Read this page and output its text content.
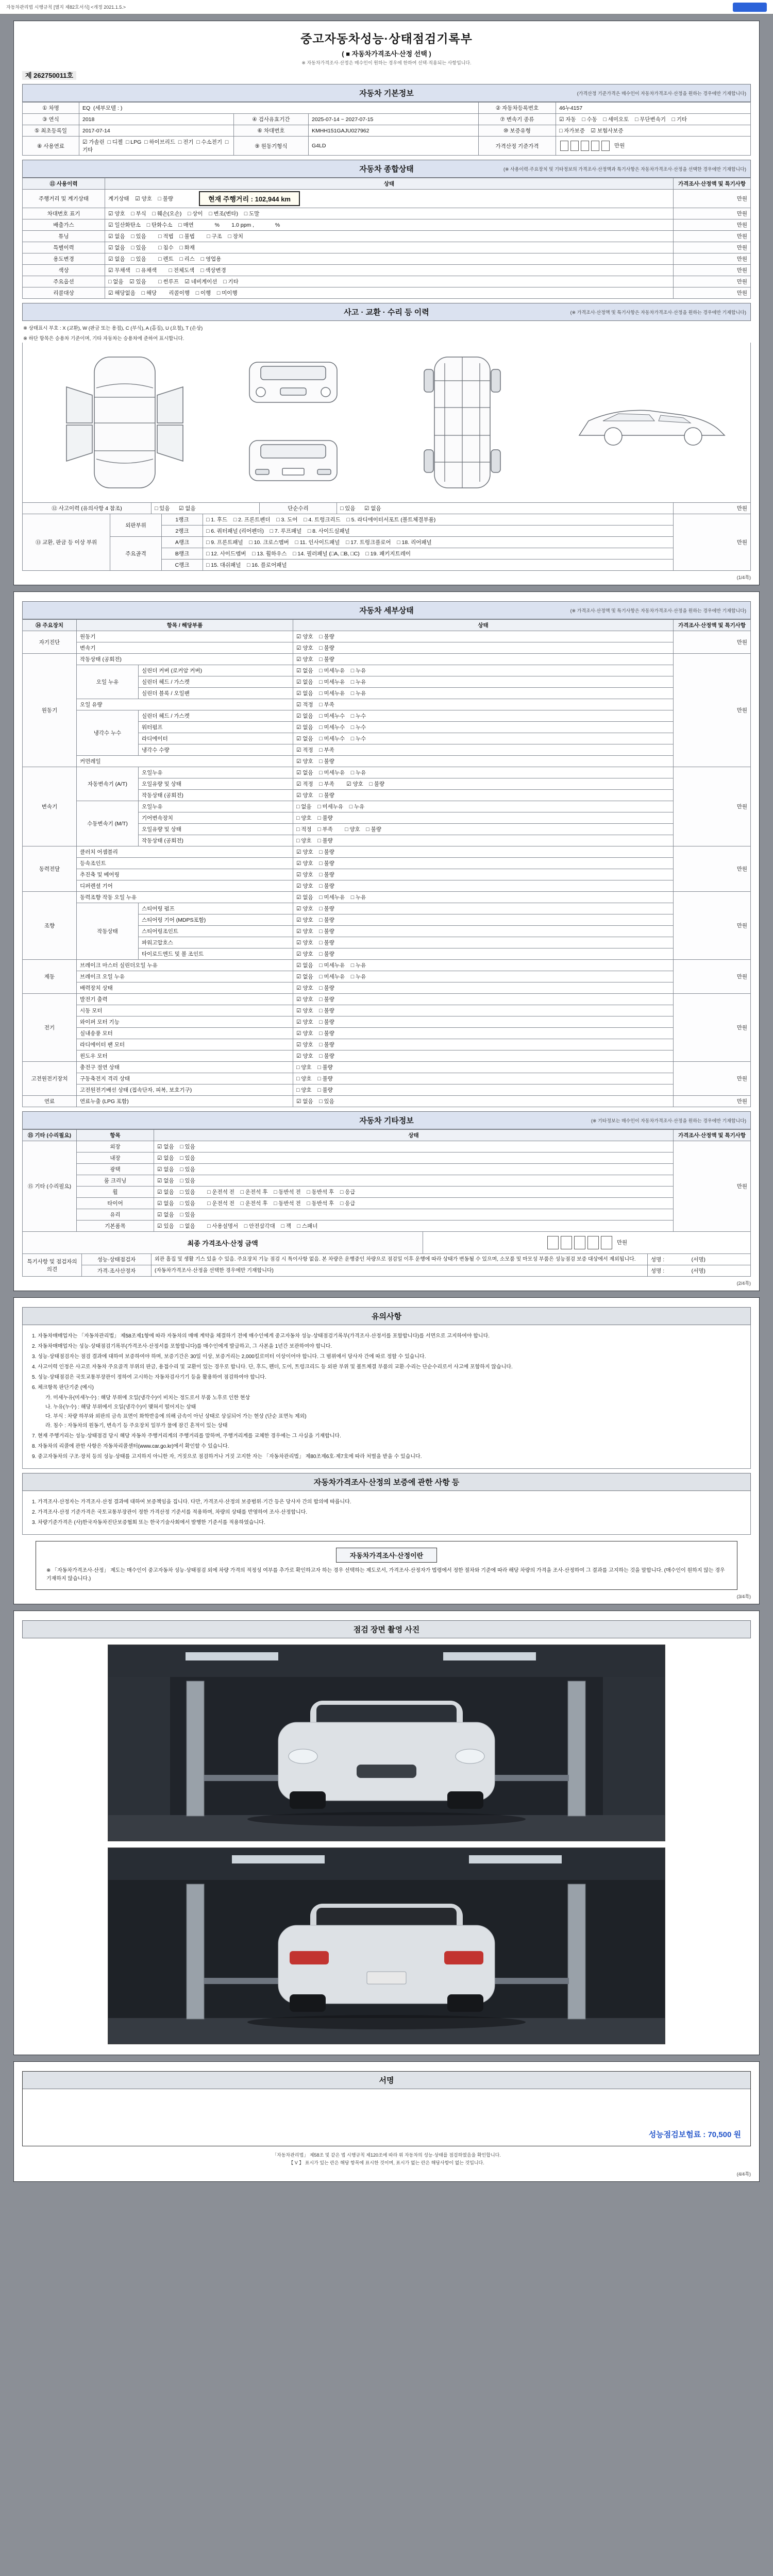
자동차관리법 시행규칙 [별지 제82호서식] <개정 2021.1.5.>
중고자동차성능·상태점검기록부
( ■ 자동차가격조사·산정 선택 )
※ 자동차가격조사·산정은 매수인이 원하는 경우에 한하여 선택·적용되는 사항입니다.
제 262750011호
자동차 기본정보	(가격산정 기준가격은 매수인이 자동차가격조사·산정을 원하는 경우에만 기재합니다)
① 차명	EQ  (세부모델 : )			② 자동차등록번호	46누4157
③ 연식	2018	④ 검사유효기간	2025-07-14 ~ 2027-07-15	⑦ 변속기 종류	☑ 자동    □ 수동    □ 세미오토    □ 무단변속기    □ 기타
⑤ 최초등록일	2017-07-14	⑥ 차대번호	KMHH151GAJU027962	⑩ 보증유형	□ 자가보증    ☑ 보험사보증
⑧ 사용연료	☑ 가솔린  □ 디젤  □ LPG  □ 하이브리드  □ 전기  □ 수소전기  □ 기타	⑨ 원동기형식	G4LD	가격산정 기준가격	만원
자동차 종합상태	(※ 사용이력·주요장치 및 기타정보의 가격조사·산정액과 특기사항은 자동차가격조사·산정을 선택한 경우에만 기재합니다)
⑪ 사용이력	상태	가격조사·산정액 및 특기사항
주행거리 및 계기상태	계기상태    ☑ 양호    □ 불량 현재 주행거리 : 102,944 km	만원
차대번호 표기	☑ 양호    □ 부식    □ 훼손(오손)    □ 상이    □ 변조(변타)    □ 도말	만원
배출가스	☑ 일산화탄소    □ 탄화수소    □ 매연              %        1.0 ppm ,              %	만원
튜닝	☑ 없음    □ 있음        □ 적법    □ 불법        □ 구조    □ 장치	만원
특별이력	☑ 없음    □ 있음        □ 침수    □ 화재	만원
용도변경	☑ 없음    □ 있음        □ 렌트    □ 리스    □ 영업용	만원
색상	☑ 무채색    □ 유채색        □ 전체도색    □ 색상변경	만원
주요옵션	□ 없음    ☑ 있음        □ 썬루프    ☑ 네비게이션    □ 기타	만원
리콜대상	☑ 해당없음    □ 해당        리콜이행    □ 이행    □ 미이행	만원
사고 · 교환 · 수리 등 이력	(※ 가격조사·산정액 및 특기사항은 자동차가격조사·산정을 원하는 경우에만 기재합니다)
※ 상태표시 부호 : X (교환), W (판금 또는 용접), C (부식), A (흠집), U (요철), T (손상)
※ 하단 항목은 승용차 기준이며, 기타 자동차는 승용차에 준하여 표시합니다.
⑫ 사고이력 (유의사항 4 참조)	□ 있음      ☑ 없음	단순수리	□ 있음      ☑ 없음	만원
⑬ 교환, 판금 등 이상 부위	외판부위	1랭크	□ 1. 후드    □ 2. 프론트펜더    □ 3. 도어    □ 4. 트렁크리드    □ 5. 라디에이터서포트 (볼트체결부품)	만원
		2랭크	□ 6. 쿼터패널 (리어펜더)    □ 7. 루프패널    □ 8. 사이드실패널	
	주요골격	A랭크	□ 9. 프론트패널    □ 10. 크로스멤버    □ 11. 인사이드패널    □ 17. 트렁크플로어    □ 18. 리어패널	
		B랭크	□ 12. 사이드멤버    □ 13. 휠하우스    □ 14. 필러패널 (□A, □B, □C)    □ 19. 패키지트레이	
		C랭크	□ 15. 대쉬패널    □ 16. 플로어패널	
(1/4쪽)
자동차 세부상태	(※ 가격조사·산정액 및 특기사항은 자동차가격조사·산정을 원하는 경우에만 기재합니다)
⑭ 주요장치	항목 / 해당부품		상태	가격조사·산정액 및 특기사항
자기진단	원동기		☑ 양호    □ 불량	만원
	변속기		☑ 양호    □ 불량	
원동기	작동상태 (공회전)		☑ 양호    □ 불량	만원
	오일 누유	실린더 커버 (로커암 커버)	☑ 없음    □ 미세누유    □ 누유	
		실린더 헤드 / 가스켓	☑ 없음    □ 미세누유    □ 누유	
		실린더 블록 / 오일팬	☑ 없음    □ 미세누유    □ 누유	
	오일 유량		☑ 적정    □ 부족	
	냉각수 누수	실린더 헤드 / 가스켓	☑ 없음    □ 미세누수    □ 누수	
		워터펌프	☑ 없음    □ 미세누수    □ 누수	
		라디에이터	☑ 없음    □ 미세누수    □ 누수	
		냉각수 수량	☑ 적정    □ 부족	
	커먼레일		☑ 양호    □ 불량	
변속기	자동변속기 (A/T)	오일누유	☑ 없음    □ 미세누유    □ 누유	만원
		오일유량 및 상태	☑ 적정    □ 부족        ☑ 양호    □ 불량	
		작동상태 (공회전)	☑ 양호    □ 불량	
	수동변속기 (M/T)	오일누유	□ 없음    □ 미세누유    □ 누유	
		기어변속장치	□ 양호    □ 불량	
		오일유량 및 상태	□ 적정    □ 부족        □ 양호    □ 불량	
		작동상태 (공회전)	□ 양호    □ 불량	
동력전달	클러치 어셈블리		☑ 양호    □ 불량	만원
	등속조인트		☑ 양호    □ 불량	
	추진축 및 베어링		☑ 양호    □ 불량	
	디퍼렌셜 기어		☑ 양호    □ 불량	
조향	동력조향 작동 오일 누유		☑ 없음    □ 미세누유    □ 누유	만원
	작동상태	스티어링 펌프	☑ 양호    □ 불량	
		스티어링 기어 (MDPS포함)	☑ 양호    □ 불량	
		스티어링조인트	☑ 양호    □ 불량	
		파워고압호스	☑ 양호    □ 불량	
		타이로드엔드 및 볼 조인트	☑ 양호    □ 불량	
제동	브레이크 마스터 실린더오일 누유		☑ 없음    □ 미세누유    □ 누유	만원
	브레이크 오일 누유		☑ 없음    □ 미세누유    □ 누유	
	배력장치 상태		☑ 양호    □ 불량	
전기	발전기 출력		☑ 양호    □ 불량	만원
	시동 모터		☑ 양호    □ 불량	
	와이퍼 모터 기능		☑ 양호    □ 불량	
	실내송풍 모터		☑ 양호    □ 불량	
	라디에이터 팬 모터		☑ 양호    □ 불량	
	윈도우 모터		☑ 양호    □ 불량	
고전원전기장치	충전구 절연 상태		□ 양호    □ 불량	만원
	구동축전지 격리 상태		□ 양호    □ 불량	
	고전원전기배선 상태 (접속단자, 피복, 보호기구)		□ 양호    □ 불량	
연료	연료누출 (LPG 포함)		☑ 없음    □ 있음	만원
자동차 기타정보	(※ 기타정보는 매수인이 자동차가격조사·산정을 원하는 경우에만 기재합니다)
⑮ 기타 (수리필요)	항목	상태	가격조사·산정액 및 특기사항
⑮ 기타 (수리필요)	외장	☑ 없음    □ 있음	만원
	내장	☑ 없음    □ 있음	
	광택	☑ 없음    □ 있음	
	룸 크리닝	☑ 없음    □ 있음	
	휠	☑ 없음    □ 있음        □ 운전석 전    □ 운전석 후    □ 동반석 전    □ 동반석 후    □ 응급	
	타이어	☑ 없음    □ 있음        □ 운전석 전    □ 운전석 후    □ 동반석 전    □ 동반석 후    □ 응급	
	유리	☑ 없음    □ 있음	
	기본품목	☑ 있음    □ 없음        □ 사용설명서    □ 안전삼각대    □ 잭    □ 스패너	
최종 가격조사·산정 금액	만원
특기사항 및 점검자의 의견	성능·상태점검자	외관 흠집 및 생활 기스 있을 수 있음. 주요장치 기능 점검 시 특이사항 없음. 본 차량은 운행중인 차량으로 점검일 이후 운행에 따라 상태가 변동될 수 있으며, 소모품 및 마모성 부품은 성능점검 보증 대상에서 제외됩니다.	성명 :                  (서명)
	가격·조사산정자	(자동차가격조사·산정을 선택한 경우에만 기재합니다)	성명 :                  (서명)
(2/4쪽)
유의사항
1. 자동차매매업자는 「자동차관리법」 제58조제1항에 따라 자동차의 매매 계약을 체결하기 전에 매수인에게 중고자동차 성능·상태점검기록부(가격조사·산정서를 포함합니다)를 서면으로 고지하여야 합니다.
2. 자동차매매업자는 성능·상태점검기록부(가격조사·산정서를 포함합니다)를 매수인에게 발급하고, 그 사본을 1년간 보관하여야 합니다.
3. 성능·상태점검자는 점검 결과에 대하여 보증하여야 하며, 보증기간은 30일 이상, 보증거리는 2,000킬로미터 이상이어야 합니다. 그 범위에서 당사자 간에 따로 정할 수 있습니다.
4. 사고이력 인정은 사고로 자동차 주요골격 부위의 판금, 용접수리 및 교환이 있는 경우로 합니다. 단, 후드, 펜더, 도어, 트렁크리드 등 외판 부위 및 볼트체결 부품의 교환·수리는 단순수리로서 사고에 포함하지 않습니다.
5. 성능·상태점검은 국토교통부장관이 정하여 고시하는 자동차검사기기 등을 활용하여 점검하여야 합니다.
6. 체크항목 판단기준 (예시)
가. 미세누유(미세누수) : 해당 부위에 오일(냉각수)이 비치는 정도로서 부품 노후로 인한 현상
나. 누유(누수) : 해당 부위에서 오일(냉각수)이 맺혀서 떨어지는 상태
다. 부식 : 차량 하부와 외판의 금속 표면이 화학반응에 의해 금속이 아닌 상태로 상실되어 가는 현상 (단순 표면녹 제외)
라. 침수 : 자동차의 원동기, 변속기 등 주요장치 일부가 물에 잠긴 흔적이 있는 상태
7. 현재 주행거리는 성능·상태점검 당시 해당 자동차 주행거리계의 주행거리를 말하며, 주행거리계를 교체한 경우에는 그 사실을 기재합니다.
8. 자동차의 리콜에 관한 사항은 자동차리콜센터(www.car.go.kr)에서 확인할 수 있습니다.
9. 중고자동차의 구조·장치 등의 성능·상태를 고지하지 아니한 자, 거짓으로 점검하거나 거짓 고지한 자는 「자동차관리법」 제80조제6호·제7호에 따라 처벌을 받을 수 있습니다.
자동차가격조사·산정의 보증에 관한 사항 등
1. 가격조사·산정자는 가격조사·산정 결과에 대하여 보증책임을 집니다. 다만, 가격조사·산정의 보증범위·기간 등은 당사자 간의 합의에 따릅니다.
2. 가격조사·산정 기준가격은 국토교통부장관이 정한 가격산정 기준서를 적용하며, 차량의 상태를 반영하여 조사·산정합니다.
3. 차량기준가격은 (사)한국자동차진단보증협회 또는 한국기술사회에서 발행한 기준서를 적용하였습니다.
자동차가격조사·산정이란
※ 「자동차가격조사·산정」 제도는 매수인이 중고자동차 성능·상태점검 외에 차량 가격의 적정성 여부를 추가로 확인하고자 하는 경우 선택하는 제도로서, 가격조사·산정자가 법령에서 정한 절차와 기준에 따라 해당 차량의 가격을 조사·산정하여 그 결과를 고지하는 것을 말합니다. (매수인이 원하지 않는 경우 기재하지 않습니다.)
(3/4쪽)
점검 장면 촬영 사진
서명
성능점검보험료 : 70,500 원
「자동차관리법」 제58조 및 같은 법 시행규칙 제120조에 따라 위 자동차의 성능·상태를 점검하였음을 확인합니다.
【 V 】 표시가 있는 란은 해당 항목에 표시한 것이며, 표시가 없는 란은 해당사항이 없는 것입니다.
(4/4쪽)
